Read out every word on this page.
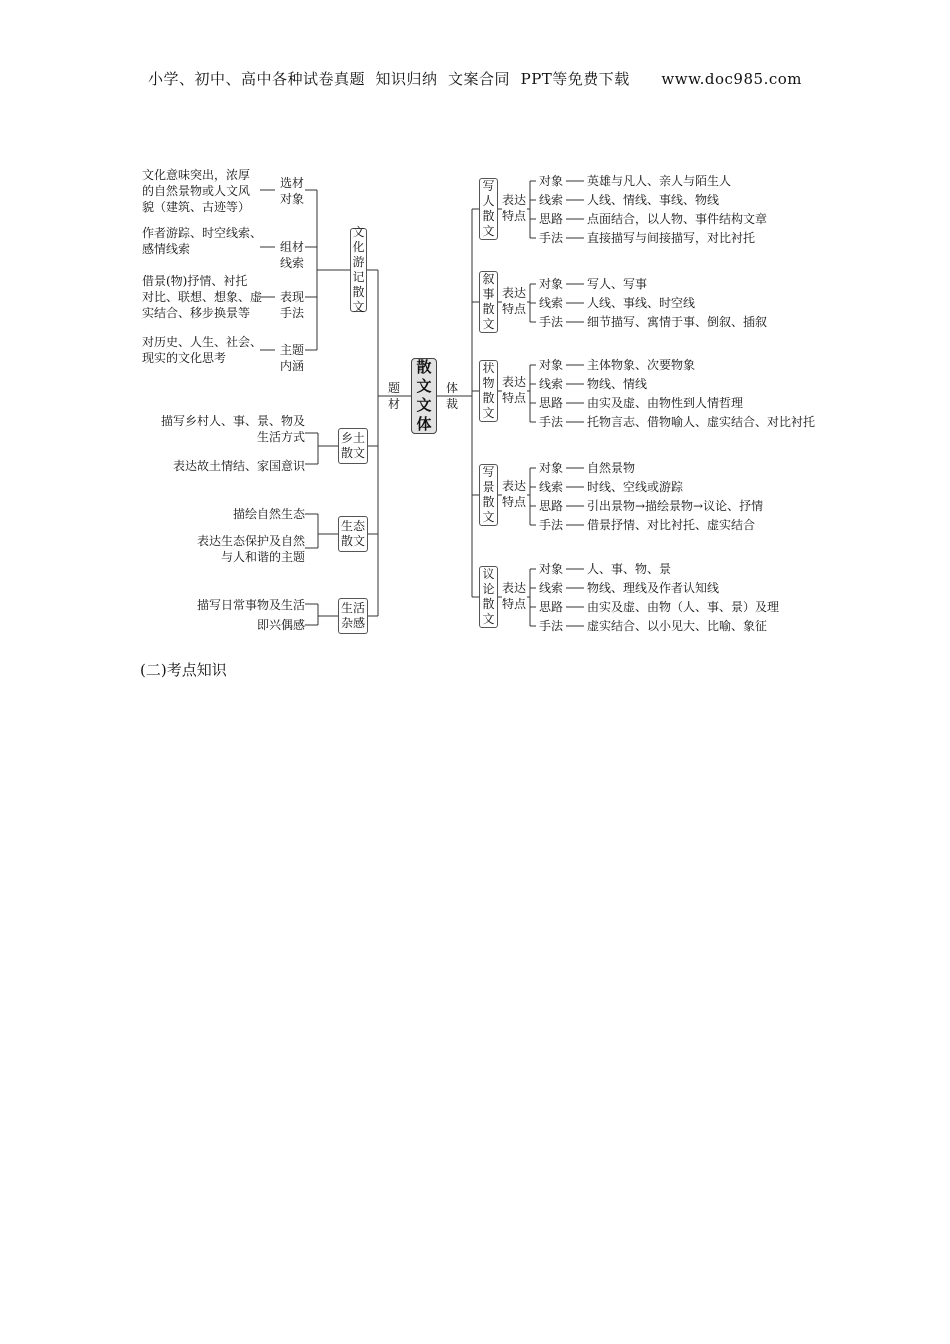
小学、初中、高中各种试卷真题  知识归纳  文案合同  PPT等免费下载      www.doc985.com
散
文
文
体
题
材
体
裁
文
化
游
记
散
文
乡土
散文
生态
散文
生活
杂感
选材
对象
文化意味突出，浓厚
的自然景物或人文风
貌（建筑、古迹等）
组材
线索
作者游踪、时空线索、
感情线索
表现
手法
借景(物)抒情、衬托
对比、联想、想象、虚
实结合、移步换景等
主题
内涵
对历史、人生、社会、
现实的文化思考
描写乡村人、事、景、物及
生活方式
表达故土情结、家国意识
描绘自然生态
表达生态保护及自然
与人和谐的主题
描写日常事物及生活
即兴偶感
写
人
散
文
表达
特点
对象 英雄与凡人、亲人与陌生人
线索 人线、情线、事线、物线
思路 点面结合，以人物、事件结构文章
手法 直接描写与间接描写，对比衬托
叙
事
散
文
表达
特点
对象 写人、写事
线索 人线、事线、时空线
手法 细节描写、寓情于事、倒叙、插叙
状
物
散
文
表达
特点
对象 主体物象、次要物象
线索 物线、情线
思路 由实及虚、由物性到人情哲理
手法 托物言志、借物喻人、虚实结合、对比衬托
写
景
散
文
表达
特点
对象 自然景物
线索 时线、空线或游踪
思路 引出景物→描绘景物→议论、抒情
手法 借景抒情、对比衬托、虚实结合
议
论
散
文
表达
特点
对象 人、事、物、景
线索 物线、理线及作者认知线
思路 由实及虚、由物（人、事、景）及理
手法 虚实结合、以小见大、比喻、象征
(二)考点知识
